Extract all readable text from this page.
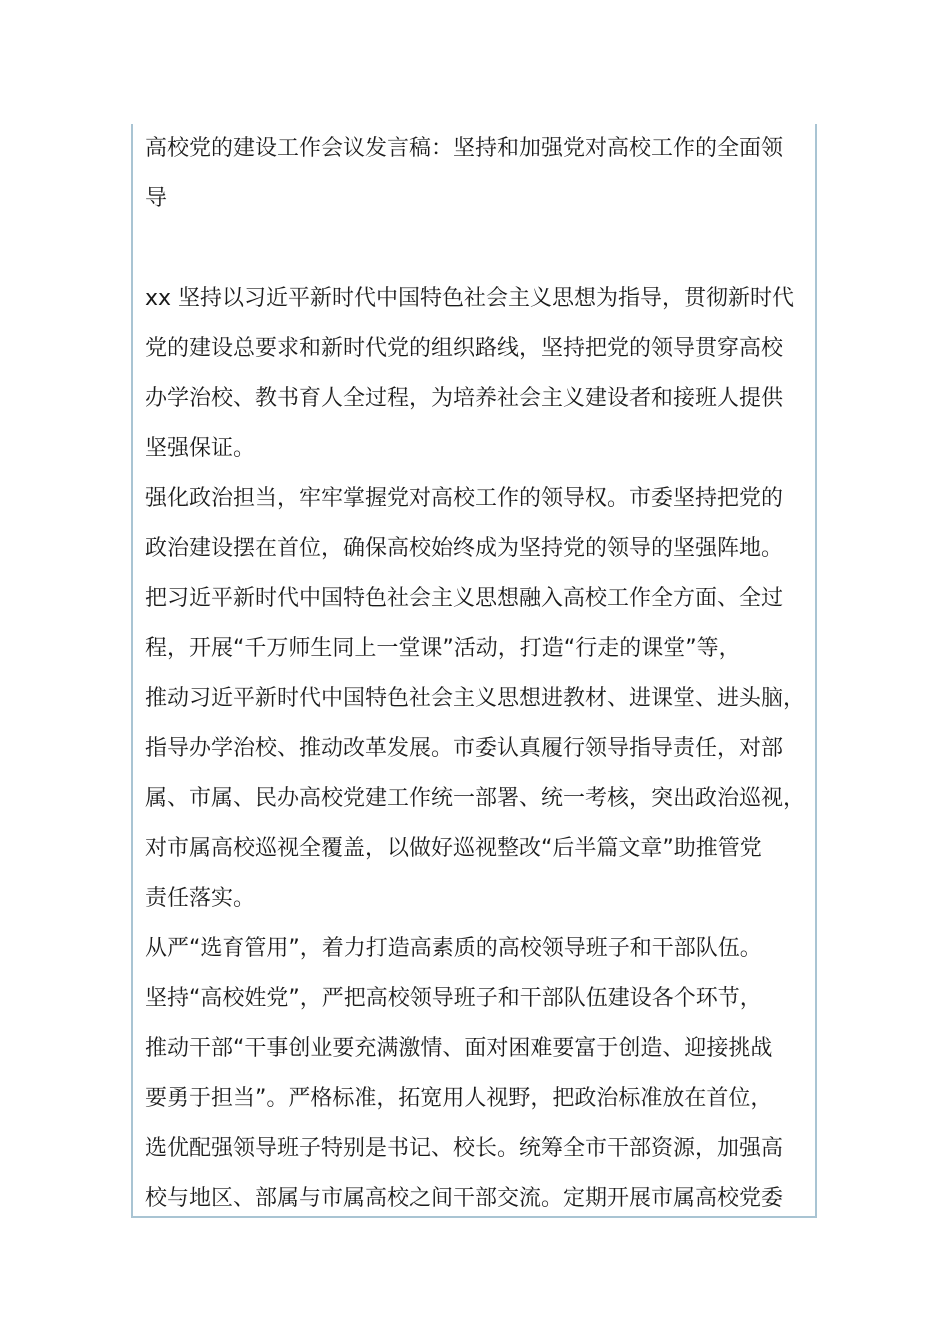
高校党的建设工作会议发言稿：坚持和加强党对高校工作的全面领
导
xx 坚持以习近平新时代中国特色社会主义思想为指导，贯彻新时代
党的建设总要求和新时代党的组织路线，坚持把党的领导贯穿高校
办学治校、教书育人全过程，为培养社会主义建设者和接班人提供
坚强保证。
强化政治担当，牢牢掌握党对高校工作的领导权。市委坚持把党的
政治建设摆在首位，确保高校始终成为坚持党的领导的坚强阵地。
把习近平新时代中国特色社会主义思想融入高校工作全方面、全过
程，开展“千万师生同上一堂课”活动，打造“行走的课堂”等，
推动习近平新时代中国特色社会主义思想进教材、进课堂、进头脑，
指导办学治校、推动改革发展。市委认真履行领导指导责任，对部
属、市属、民办高校党建工作统一部署、统一考核，突出政治巡视，
对市属高校巡视全覆盖，以做好巡视整改“后半篇文章”助推管党
责任落实。
从严“选育管用”，着力打造高素质的高校领导班子和干部队伍。
坚持“高校姓党”，严把高校领导班子和干部队伍建设各个环节，
推动干部“干事创业要充满激情、面对困难要富于创造、迎接挑战
要勇于担当”。严格标准，拓宽用人视野，把政治标准放在首位，
选优配强领导班子特别是书记、校长。统筹全市干部资源，加强高
校与地区、部属与市属高校之间干部交流。定期开展市属高校党委
